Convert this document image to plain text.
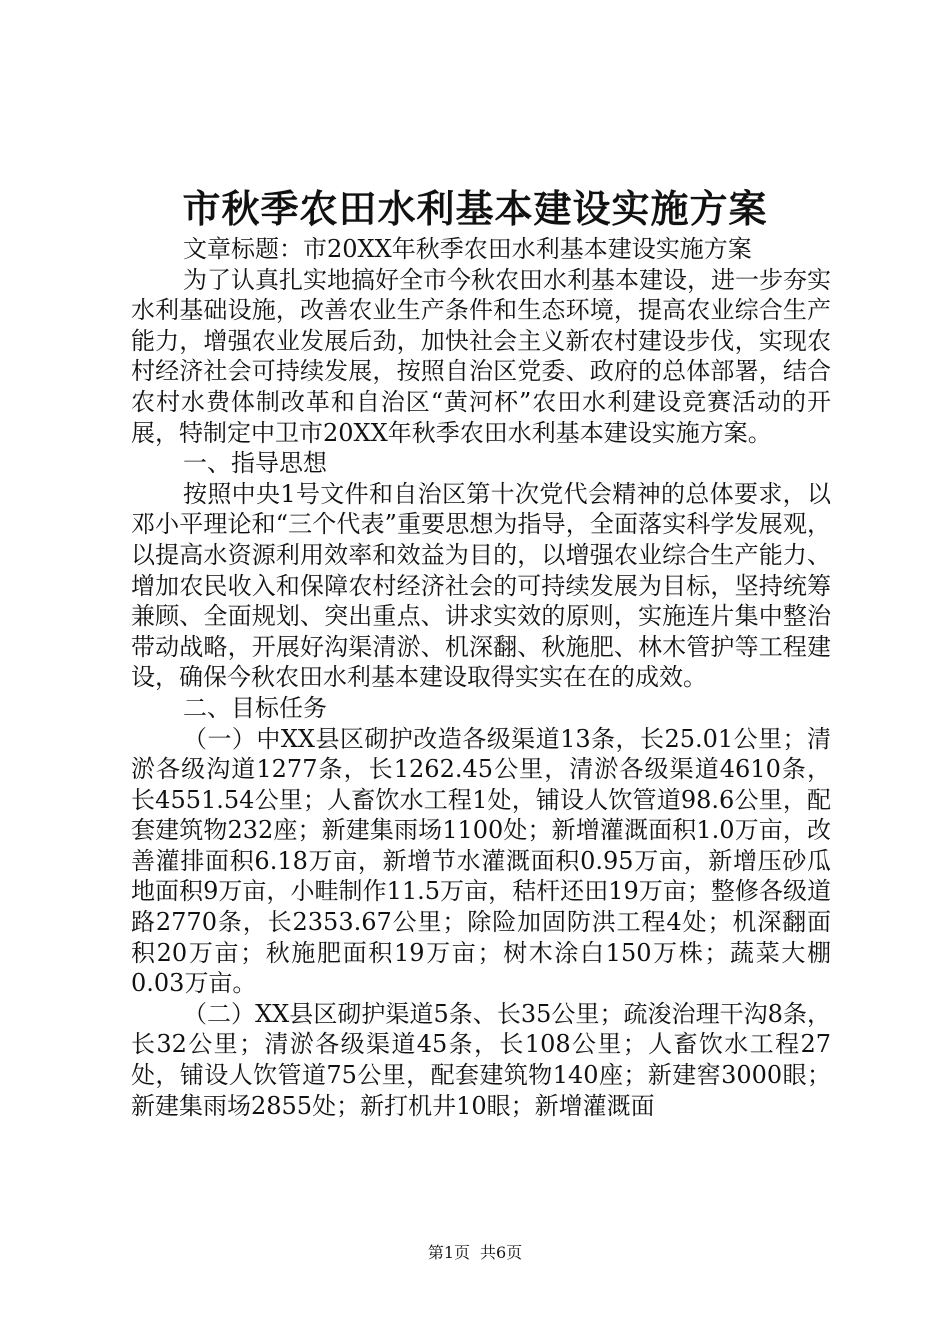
市秋季农田水利基本建设实施方案

文章标题：市20XX年秋季农田水利基本建设实施方案

为了认真扎实地搞好全市今秋农田水利基本建设，进一步夯实水利基础设施，改善农业生产条件和生态环境，提高农业综合生产能力，增强农业发展后劲，加快社会主义新农村建设步伐，实现农村经济社会可持续发展，按照自治区党委、政府的总体部署，结合农村水费体制改革和自治区“黄河杯”农田水利建设竞赛活动的开展，特制定中卫市20XX年秋季农田水利基本建设实施方案。

一、指导思想

按照中央1号文件和自治区第十次党代会精神的总体要求，以邓小平理论和“三个代表”重要思想为指导，全面落实科学发展观，以提高水资源利用效率和效益为目的，以增强农业综合生产能力、增加农民收入和保障农村经济社会的可持续发展为目标，坚持统筹兼顾、全面规划、突出重点、讲求实效的原则，实施连片集中整治带动战略，开展好沟渠清淤、机深翻、秋施肥、林木管护等工程建设，确保今秋农田水利基本建设取得实实在在的成效。

二、目标任务

（一）中XX县区砌护改造各级渠道13条，长25.01公里；清淤各级沟道1277条，长1262.45公里，清淤各级渠道4610条，长4551.54公里；人畜饮水工程1处，铺设人饮管道98.6公里，配套建筑物232座；新建集雨场1100处；新增灌溉面积1.0万亩，改善灌排面积6.18万亩，新增节水灌溉面积0.95万亩，新增压砂瓜地面积9万亩，小畦制作11.5万亩，秸杆还田19万亩；整修各级道路2770条，长2353.67公里；除险加固防洪工程4处；机深翻面积20万亩；秋施肥面积19万亩；树木涂白150万株；蔬菜大棚0.03万亩。

（二）XX县区砌护渠道5条、长35公里；疏浚治理干沟8条，长32公里；清淤各级渠道45条，长108公里；人畜饮水工程27处，铺设人饮管道75公里，配套建筑物140座；新建窖3000眼；新建集雨场2855处；新打机井10眼；新增灌溉面

第1页 共6页
